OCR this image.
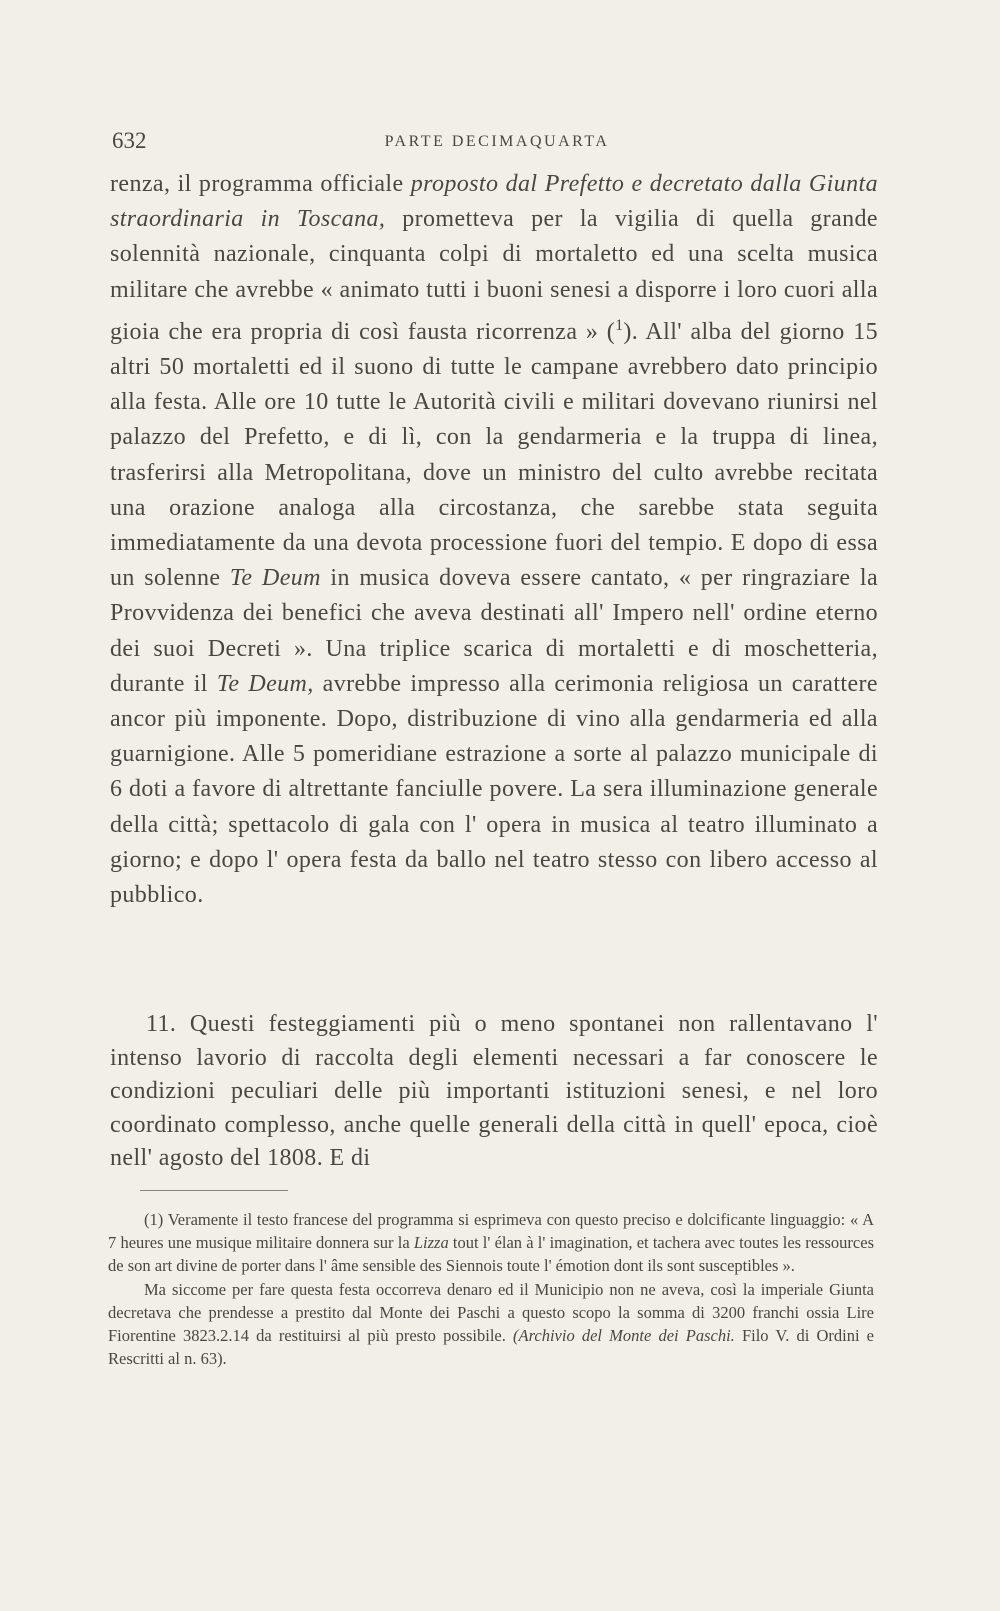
632	PARTE DECIMAQUARTA

renza, il programma officiale proposto dal Prefetto e decretato dalla Giunta straordinaria in Toscana, prometteva per la vigilia di quella grande solennità nazionale, cinquanta colpi di mortaletto ed una scelta musica militare che avrebbe « animato tutti i buoni senesi a disporre i loro cuori alla gioia che era propria di così fausta ricorrenza » ($^1$). All' alba del giorno 15 altri 50 mortaletti ed il suono di tutte le campane avrebbero dato principio alla festa. Alle ore 10 tutte le Autorità civili e militari dovevano riunirsi nel palazzo del Prefetto, e di lì, con la gendarmeria e la truppa di linea, trasferirsi alla Metropolitana, dove un ministro del culto avrebbe recitata una orazione analoga alla circostanza, che sarebbe stata seguita immediatamente da una devota processione fuori del tempio. E dopo di essa un solenne Te Deum in musica doveva essere cantato, « per ringraziare la Provvidenza dei benefici che aveva destinati all' Impero nell' ordine eterno dei suoi Decreti ». Una triplice scarica di mortaletti e di moschetteria, durante il Te Deum, avrebbe impresso alla cerimonia religiosa un carattere ancor più imponente. Dopo, distribuzione di vino alla gendarmeria ed alla guarnigione. Alle 5 pomeridiane estrazione a sorte al palazzo municipale di 6 doti a favore di altrettante fanciulle povere. La sera illuminazione generale della città; spettacolo di gala con l' opera in musica al teatro illuminato a giorno; e dopo l' opera festa da ballo nel teatro stesso con libero accesso al pubblico.

11. Questi festeggiamenti più o meno spontanei non rallentavano l' intenso lavorio di raccolta degli elementi necessari a far conoscere le condizioni peculiari delle più importanti istituzioni senesi, e nel loro coordinato complesso, anche quelle generali della città in quell' epoca, cioè nell' agosto del 1808. E di

(1) Veramente il testo francese del programma si esprimeva con questo preciso e dolcificante linguaggio: « A 7 heures une musique militaire donnera sur la Lizza tout l' élan à l' imagination, et tachera avec toutes les ressources de son art divine de porter dans l' âme sensible des Siennois toute l' émotion dont ils sont susceptibles ».

Ma siccome per fare questa festa occorreva denaro ed il Municipio non ne aveva, così la imperiale Giunta decretava che prendesse a prestito dal Monte dei Paschi a questo scopo la somma di 3200 franchi ossia Lire Fiorentine 3823.2.14 da restituirsi al più presto possibile. (Archivio del Monte dei Paschi. Filo V. di Ordini e Rescritti al n. 63).
